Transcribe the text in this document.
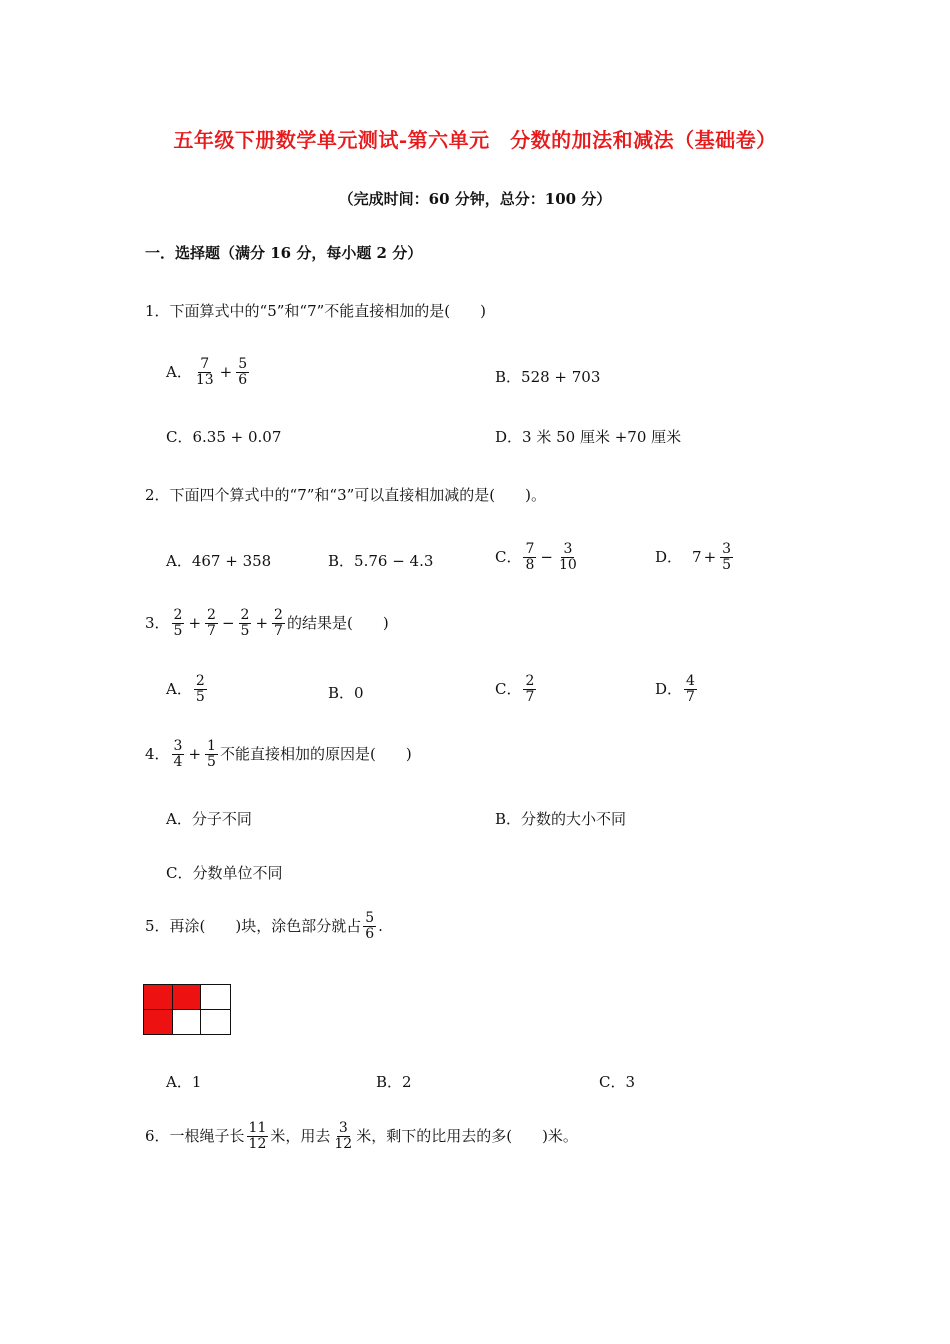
五年级下册数学单元测试-第六单元　分数的加法和减法（基础卷）
（完成时间：60 分钟，总分：100 分）
一．选择题（满分 16 分，每小题 2 分）
1．下面算式中的“5”和“7”不能直接相加的是(　　)
A． $\frac{7}{13} + \frac{5}{6}$	B．528 + 703
C．6.35 + 0.07	D．3 米 50 厘米 +70 厘米
2．下面四个算式中的“7”和“3”可以直接相加减的是(　　)。
A．467 + 358	B．5.76 − 4.3	C． $\frac{7}{8} - \frac{3}{10}$	D． $7 + \frac{3}{5}$
3． $\frac{2}{5} + \frac{2}{7} - \frac{2}{5} + \frac{2}{7}$ 的结果是(　　)
A． $\frac{2}{5}$	B．0	C． $\frac{2}{7}$	D． $\frac{4}{7}$
4． $\frac{3}{4} + \frac{1}{5}$ 不能直接相加的原因是(　　)
A．分子不同	B．分数的大小不同
C．分数单位不同
5．再涂(　　)块，涂色部分就占 $\frac{5}{6}$ .
A．1	B．2	C．3
6．一根绳子长 $\frac{11}{12}$ 米，用去 $\frac{3}{12}$ 米，剩下的比用去的多(　　)米。
